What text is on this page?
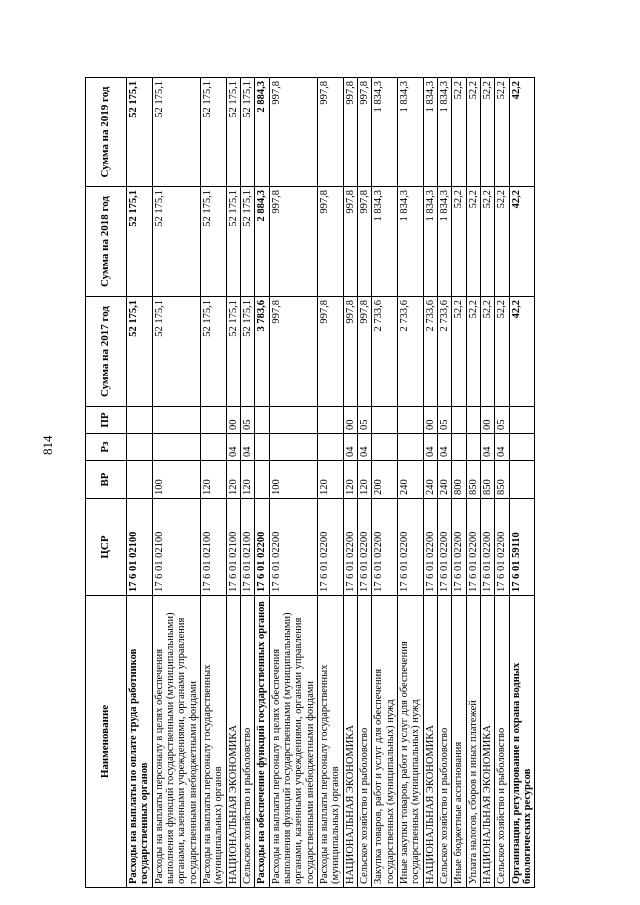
814
Наименование	ЦСР	ВР	Рз	ПР	Сумма на 2017 год	Сумма на 2018 год	Сумма на 2019 год
Расходы на выплаты по оплате труда работников государственных органов	17 6 01 02100				52 175,1	52 175,1	52 175,1
Расходы на выплаты персоналу в целях обеспечения выполнения функций государственными (муниципальными) органами, казенными учреждениями, органами управления государственными внебюджетными фондами	17 6 01 02100	100			52 175,1	52 175,1	52 175,1
Расходы на выплаты персоналу государственных (муниципальных) органов	17 6 01 02100	120			52 175,1	52 175,1	52 175,1
НАЦИОНАЛЬНАЯ ЭКОНОМИКА	17 6 01 02100	120	04	00	52 175,1	52 175,1	52 175,1
Сельское хозяйство и рыболовство	17 6 01 02100	120	04	05	52 175,1	52 175,1	52 175,1
Расходы на обеспечение функций государственных органов	17 6 01 02200				3 783,6	2 884,3	2 884,3
Расходы на выплаты персоналу в целях обеспечения выполнения функций государственными (муниципальными) органами, казенными учреждениями, органами управления государственными внебюджетными фондами	17 6 01 02200	100			997,8	997,8	997,8
Расходы на выплаты персоналу государственных (муниципальных) органов	17 6 01 02200	120			997,8	997,8	997,8
НАЦИОНАЛЬНАЯ ЭКОНОМИКА	17 6 01 02200	120	04	00	997,8	997,8	997,8
Сельское хозяйство и рыболовство	17 6 01 02200	120	04	05	997,8	997,8	997,8
Закупка товаров, работ и услуг для обеспечения государственных (муниципальных) нужд	17 6 01 02200	200			2 733,6	1 834,3	1 834,3
Иные закупки товаров, работ и услуг для обеспечения государственных (муниципальных) нужд	17 6 01 02200	240			2 733,6	1 834,3	1 834,3
НАЦИОНАЛЬНАЯ ЭКОНОМИКА	17 6 01 02200	240	04	00	2 733,6	1 834,3	1 834,3
Сельское хозяйство и рыболовство	17 6 01 02200	240	04	05	2 733,6	1 834,3	1 834,3
Иные бюджетные ассигнования	17 6 01 02200	800			52,2	52,2	52,2
Уплата налогов, сборов и иных платежей	17 6 01 02200	850			52,2	52,2	52,2
НАЦИОНАЛЬНАЯ ЭКОНОМИКА	17 6 01 02200	850	04	00	52,2	52,2	52,2
Сельское хозяйство и рыболовство	17 6 01 02200	850	04	05	52,2	52,2	52,2
Организация, регулирование и охрана водных биологических ресурсов	17 6 01 59110				42,2	42,2	42,2
